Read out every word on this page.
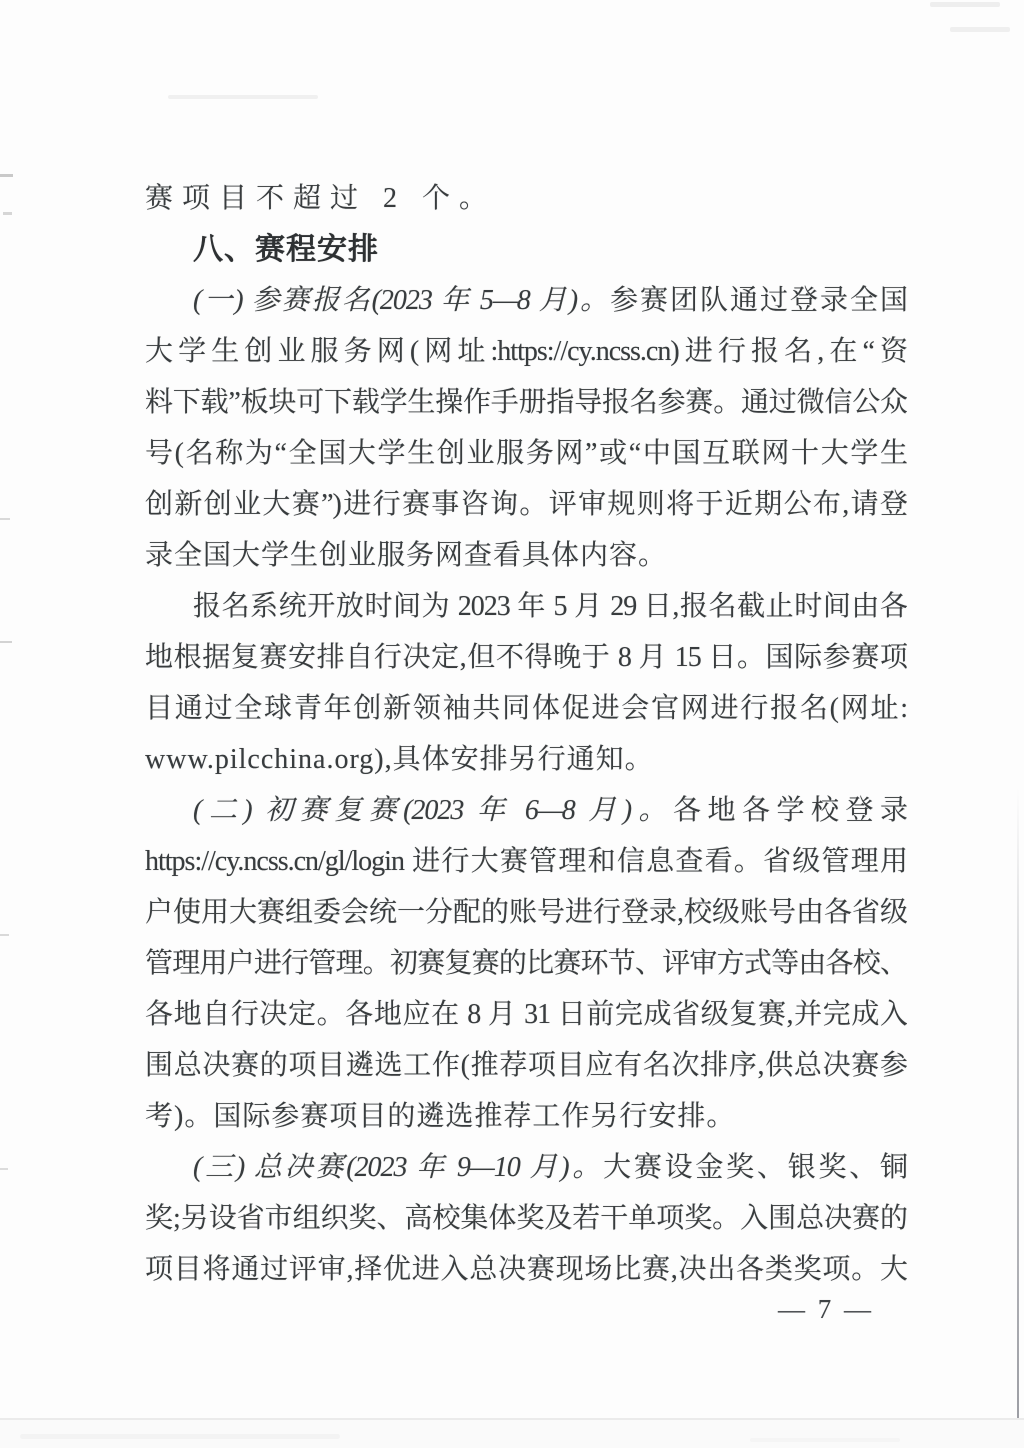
赛项目不超过 2 个。
八、赛程安排
(一) 参赛报名(2023 年 5—8 月)。参赛团队通过登录全国
大学生创业服务网(网址:https://cy.ncss.cn)进行报名,在“资
料下载”板块可下载学生操作手册指导报名参赛。通过微信公众
号(名称为“全国大学生创业服务网”或“中国互联网十大学生
创新创业大赛”)进行赛事咨询。评审规则将于近期公布,请登
录全国大学生创业服务网查看具体内容。
报名系统开放时间为 2023 年 5 月 29 日,报名截止时间由各
地根据复赛安排自行决定,但不得晚于 8 月 15 日。国际参赛项
目通过全球青年创新领袖共同体促进会官网进行报名(网址:
www.pilcchina.org),具体安排另行通知。
(二) 初赛复赛(2023 年 6—8 月)。各地各学校登录
https://cy.ncss.cn/gl/login 进行大赛管理和信息查看。省级管理用
户使用大赛组委会统一分配的账号进行登录,校级账号由各省级
管理用户进行管理。初赛复赛的比赛环节、评审方式等由各校、
各地自行决定。各地应在 8 月 31 日前完成省级复赛,并完成入
围总决赛的项目遴选工作(推荐项目应有名次排序,供总决赛参
考)。国际参赛项目的遴选推荐工作另行安排。
(三) 总决赛(2023 年 9—10 月)。大赛设金奖、银奖、铜
奖;另设省市组织奖、高校集体奖及若干单项奖。入围总决赛的
项目将通过评审,择优进入总决赛现场比赛,决出各类奖项。大
— 7 —
